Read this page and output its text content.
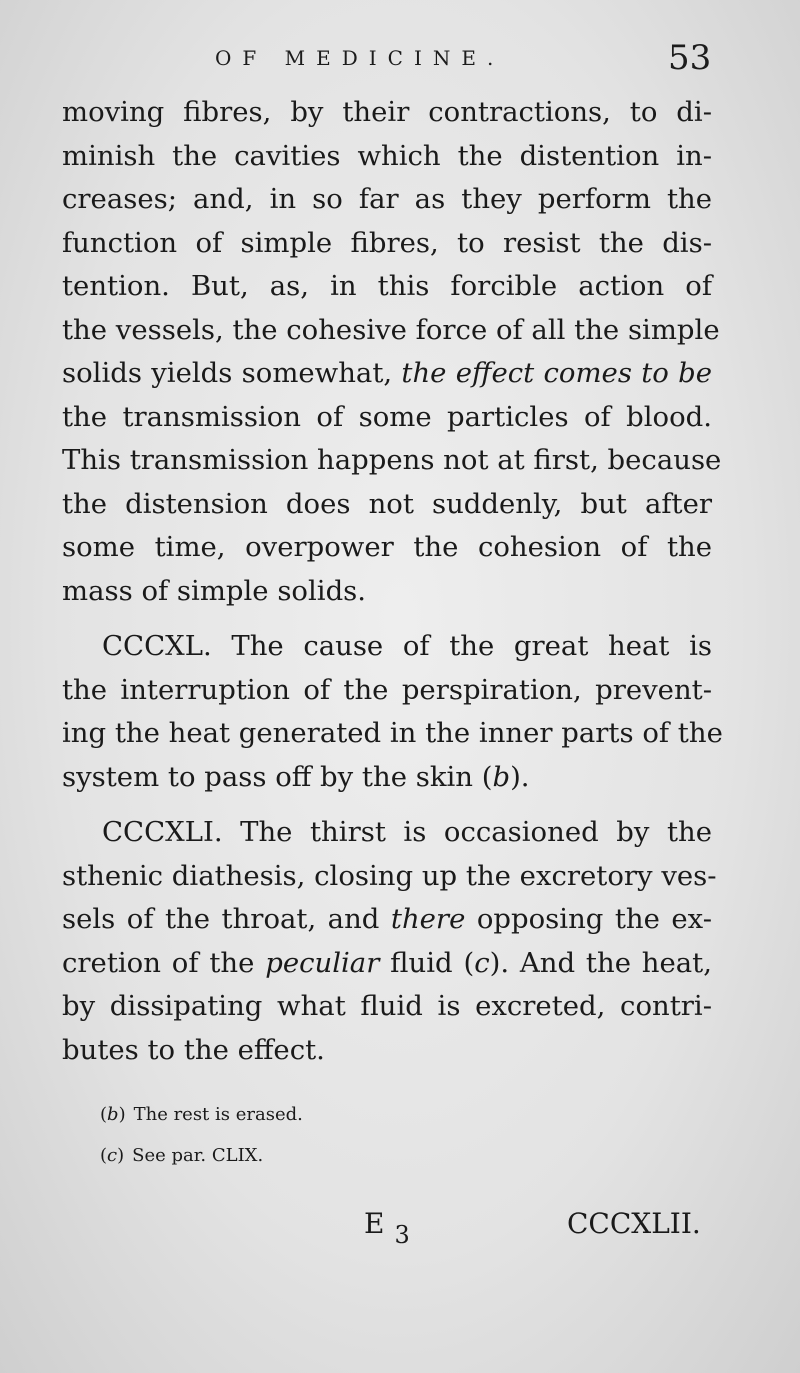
OF MEDICINE.	53
moving fibres, by their contractions, to di-
minish the cavities which the distention in-
creases; and, in so far as they perform the
function of simple fibres, to resist the dis-
tention. But, as, in this forcible action of
the vessels, the cohesive force of all the simple
solids yields somewhat, the effect comes to be
the transmission of some particles of blood.
This transmission happens not at first, because
the distension does not suddenly, but after
some time, overpower the cohesion of the
mass of simple solids.
CCCXL. The cause of the great heat is
the interruption of the perspiration, prevent-
ing the heat generated in the inner parts of the
system to pass off by the skin (b).
CCCXLI. The thirst is occasioned by the
sthenic diathesis, closing up the excretory ves-
sels of the throat, and there opposing the ex-
cretion of the peculiar fluid (c). And the heat,
by dissipating what fluid is excreted, contri-
butes to the effect.
(b) The rest is erased.
(c) See par. CLIX.
E 3	CCCXLII.
